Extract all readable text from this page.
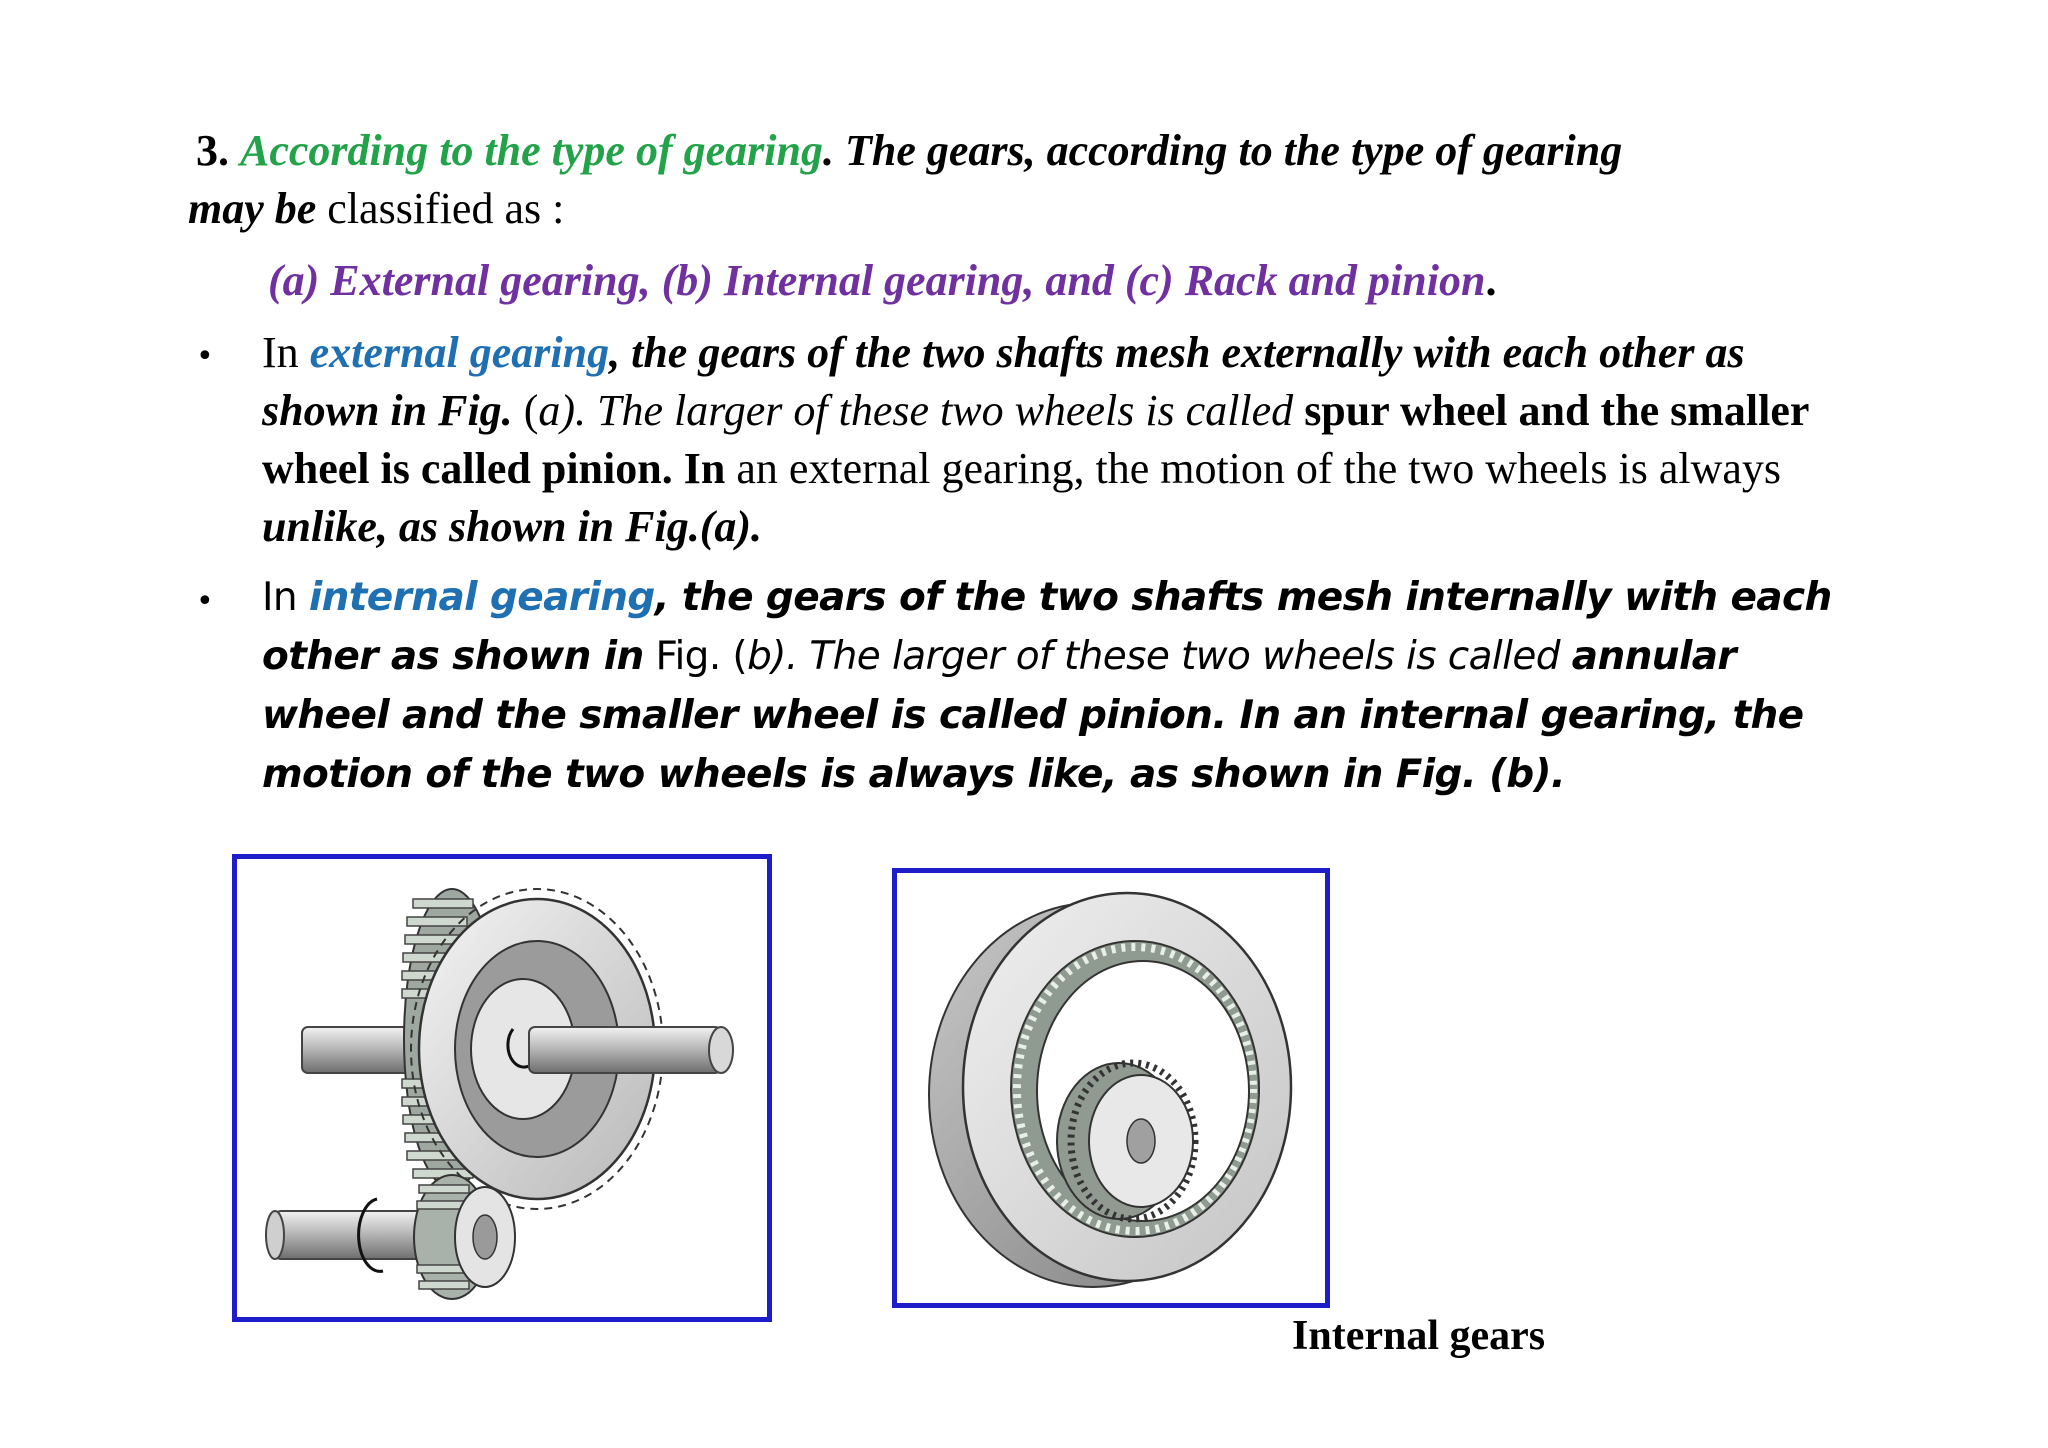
3. According to the type of gearing. The gears, according to the type of gearing
may be classified as :
(a) External gearing, (b) Internal gearing, and (c) Rack and pinion.
• In external gearing, the gears of the two shafts mesh externally with each other as shown in Fig. (a). The larger of these two wheels is called spur wheel and the smaller wheel is called pinion. In an external gearing, the motion of the two wheels is always unlike, as shown in Fig.(a).
• In internal gearing, the gears of the two shafts mesh internally with each other as shown in Fig. (b). The larger of these two wheels is called annular wheel and the smaller wheel is called pinion. In an internal gearing, the motion of the two wheels is always like, as shown in Fig. (b).
Internal gears
